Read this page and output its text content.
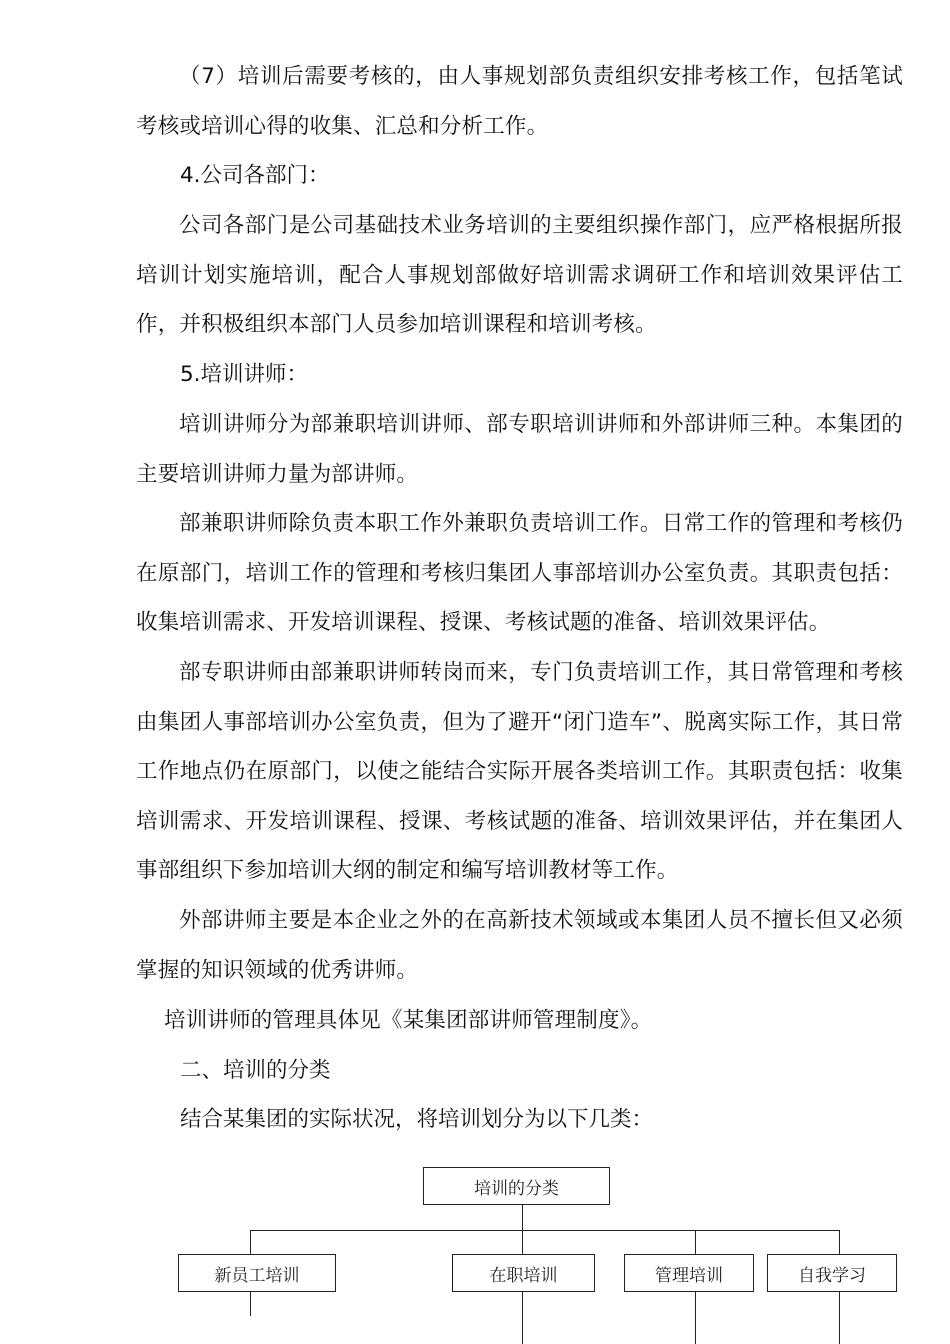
（7）培训后需要考核的，由人事规划部负责组织安排考核工作，包括笔试考核或培训心得的收集、汇总和分析工作。

4.公司各部门：

公司各部门是公司基础技术业务培训的主要组织操作部门，应严格根据所报培训计划实施培训，配合人事规划部做好培训需求调研工作和培训效果评估工作，并积极组织本部门人员参加培训课程和培训考核。

5.培训讲师：

培训讲师分为部兼职培训讲师、部专职培训讲师和外部讲师三种。本集团的主要培训讲师力量为部讲师。

部兼职讲师除负责本职工作外兼职负责培训工作。日常工作的管理和考核仍在原部门，培训工作的管理和考核归集团人事部培训办公室负责。其职责包括：收集培训需求、开发培训课程、授课、考核试题的准备、培训效果评估。

部专职讲师由部兼职讲师转岗而来，专门负责培训工作，其日常管理和考核由集团人事部培训办公室负责，但为了避开“闭门造车”、脱离实际工作，其日常工作地点仍在原部门，以使之能结合实际开展各类培训工作。其职责包括：收集培训需求、开发培训课程、授课、考核试题的准备、培训效果评估，并在集团人事部组织下参加培训大纲的制定和编写培训教材等工作。

外部讲师主要是本企业之外的在高新技术领域或本集团人员不擅长但又必须掌握的知识领域的优秀讲师。

培训讲师的管理具体见《某集团部讲师管理制度》。

二、培训的分类

结合某集团的实际状况，将培训划分为以下几类：

培训的分类
新员工培训	在职培训	管理培训	自我学习
